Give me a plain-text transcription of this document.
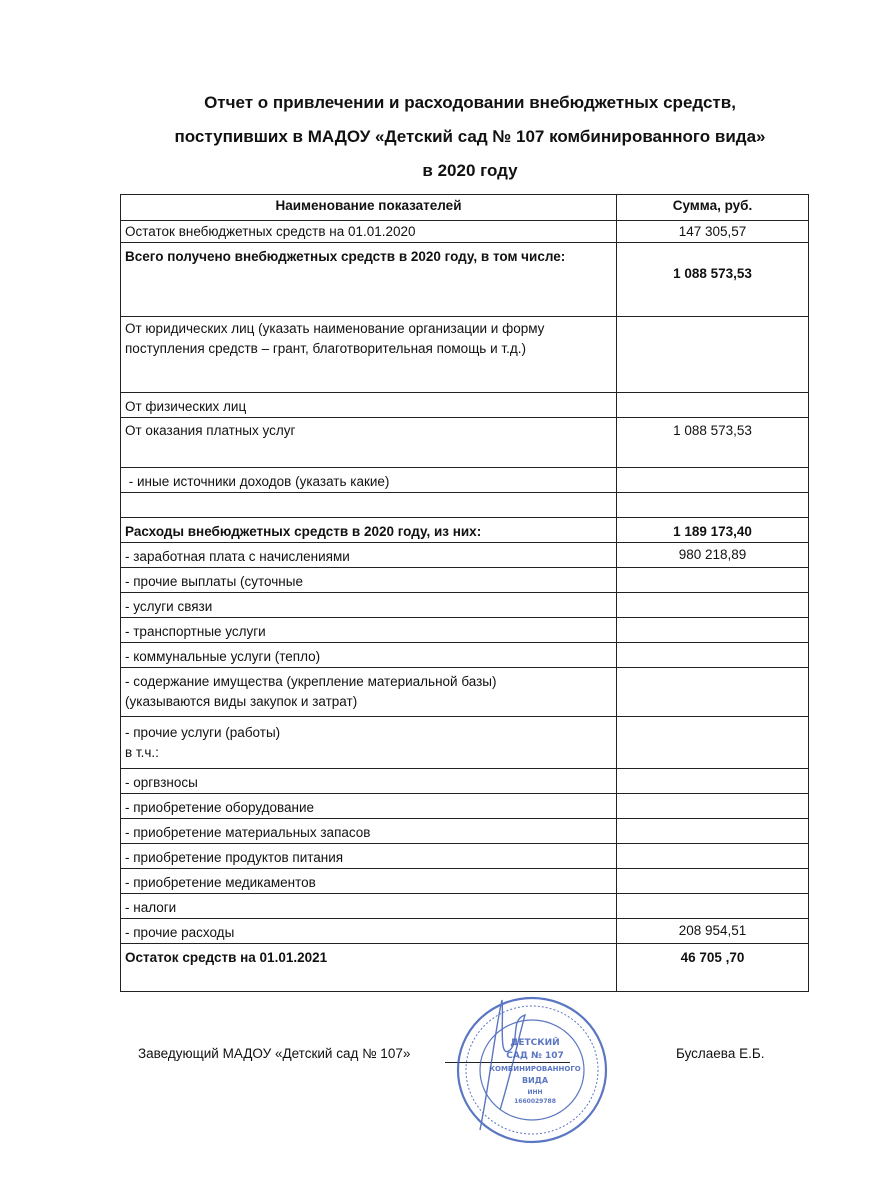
Отчет о привлечении и расходовании внебюджетных средств,
поступивших в МАДОУ «Детский сад № 107 комбинированного вида»
в 2020 году
Наименование показателей	Сумма, руб.
Остаток внебюджетных средств на 01.01.2020	147 305,57
Всего получено внебюджетных средств в 2020 году, в том числе:	1 088 573,53
От юридических лиц (указать наименование организации и форму поступления средств – грант, благотворительная помощь и т.д.)	
От физических лиц	
От оказания платных услуг	1 088 573,53
- иные источники доходов (указать какие)	

Расходы внебюджетных средств в 2020 году, из них:	1 189 173,40
- заработная плата с начислениями	980 218,89
- прочие выплаты (суточные	
- услуги связи	
- транспортные услуги	
- коммунальные услуги (тепло)	

- содержание имущества (укрепление материальной базы)
(указываются виды закупок и затрат)	

- прочие услуги (работы)
в т.ч.:	

- оргвзносы	
- приобретение оборудование	
- приобретение материальных запасов	
- приобретение продуктов питания	
- приобретение медикаментов	
- налоги	
- прочие расходы	208 954,51
Остаток средств на 01.01.2021	46 705 ,70
Заведующий МАДОУ «Детский сад № 107»	Буслаева Е.Б.
ДЕТСКИЙ
САД № 107
КОМБИНИРОВАННОГО
ВИДА
ИНН
1660029788
